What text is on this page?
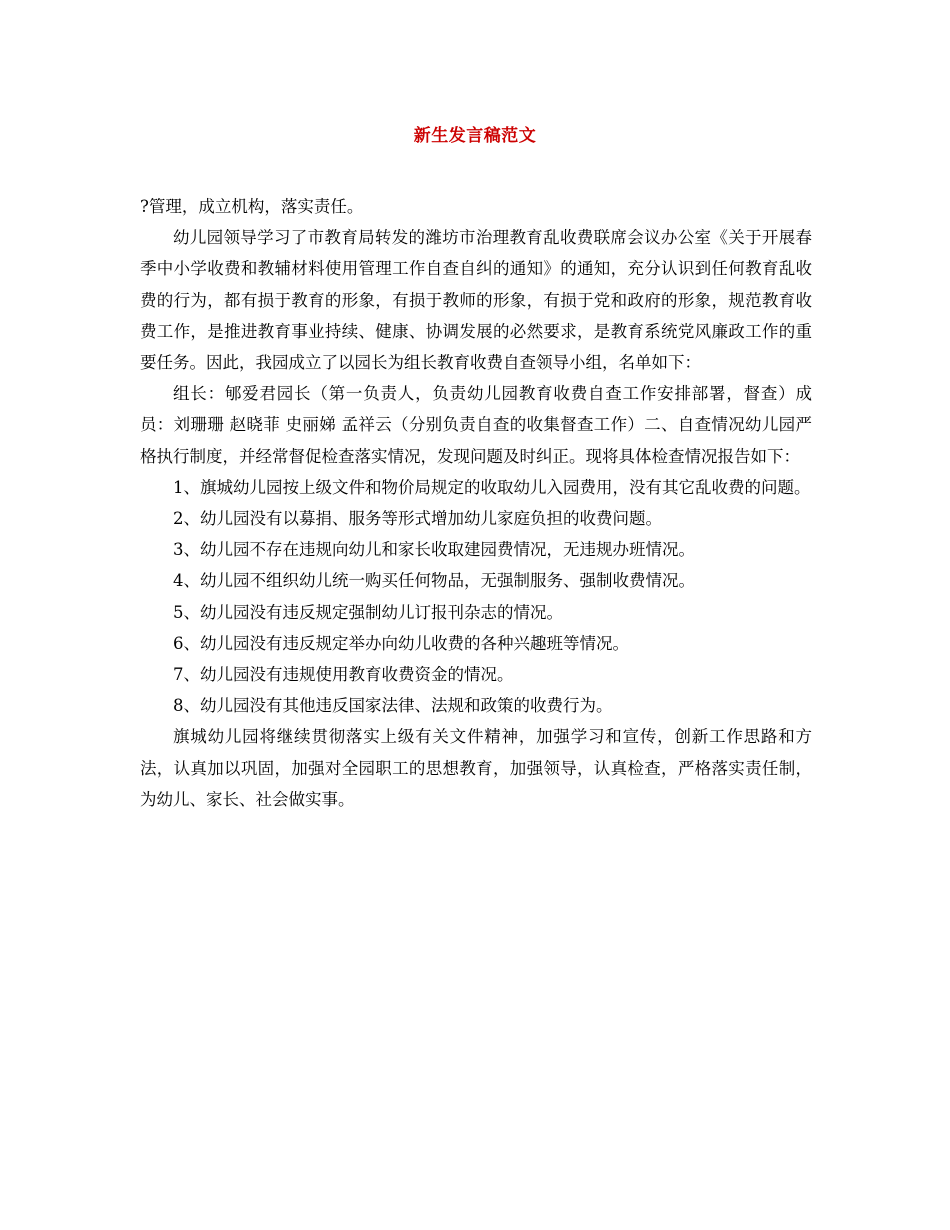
新生发言稿范文

?管理，成立机构，落实责任。

幼儿园领导学习了市教育局转发的潍坊市治理教育乱收费联席会议办公室《关于开展春季中小学收费和教辅材料使用管理工作自查自纠的通知》的通知，充分认识到任何教育乱收费的行为，都有损于教育的形象，有损于教师的形象，有损于党和政府的形象，规范教育收费工作，是推进教育事业持续、健康、协调发展的必然要求，是教育系统党风廉政工作的重要任务。因此，我园成立了以园长为组长教育收费自查领导小组，名单如下：

组长：郇爱君园长（第一负责人，负责幼儿园教育收费自查工作安排部署，督查）成员：刘珊珊 赵晓菲 史丽娣 孟祥云（分别负责自查的收集督查工作）二、自查情况幼儿园严格执行制度，并经常督促检查落实情况，发现问题及时纠正。现将具体检查情况报告如下：

1、旗城幼儿园按上级文件和物价局规定的收取幼儿入园费用，没有其它乱收费的问题。

2、幼儿园没有以募捐、服务等形式增加幼儿家庭负担的收费问题。

3、幼儿园不存在违规向幼儿和家长收取建园费情况，无违规办班情况。

4、幼儿园不组织幼儿统一购买任何物品，无强制服务、强制收费情况。

5、幼儿园没有违反规定强制幼儿订报刊杂志的情况。

6、幼儿园没有违反规定举办向幼儿收费的各种兴趣班等情况。

7、幼儿园没有违规使用教育收费资金的情况。

8、幼儿园没有其他违反国家法律、法规和政策的收费行为。

旗城幼儿园将继续贯彻落实上级有关文件精神，加强学习和宣传，创新工作思路和方法，认真加以巩固，加强对全园职工的思想教育，加强领导，认真检查，严格落实责任制，为幼儿、家长、社会做实事。
